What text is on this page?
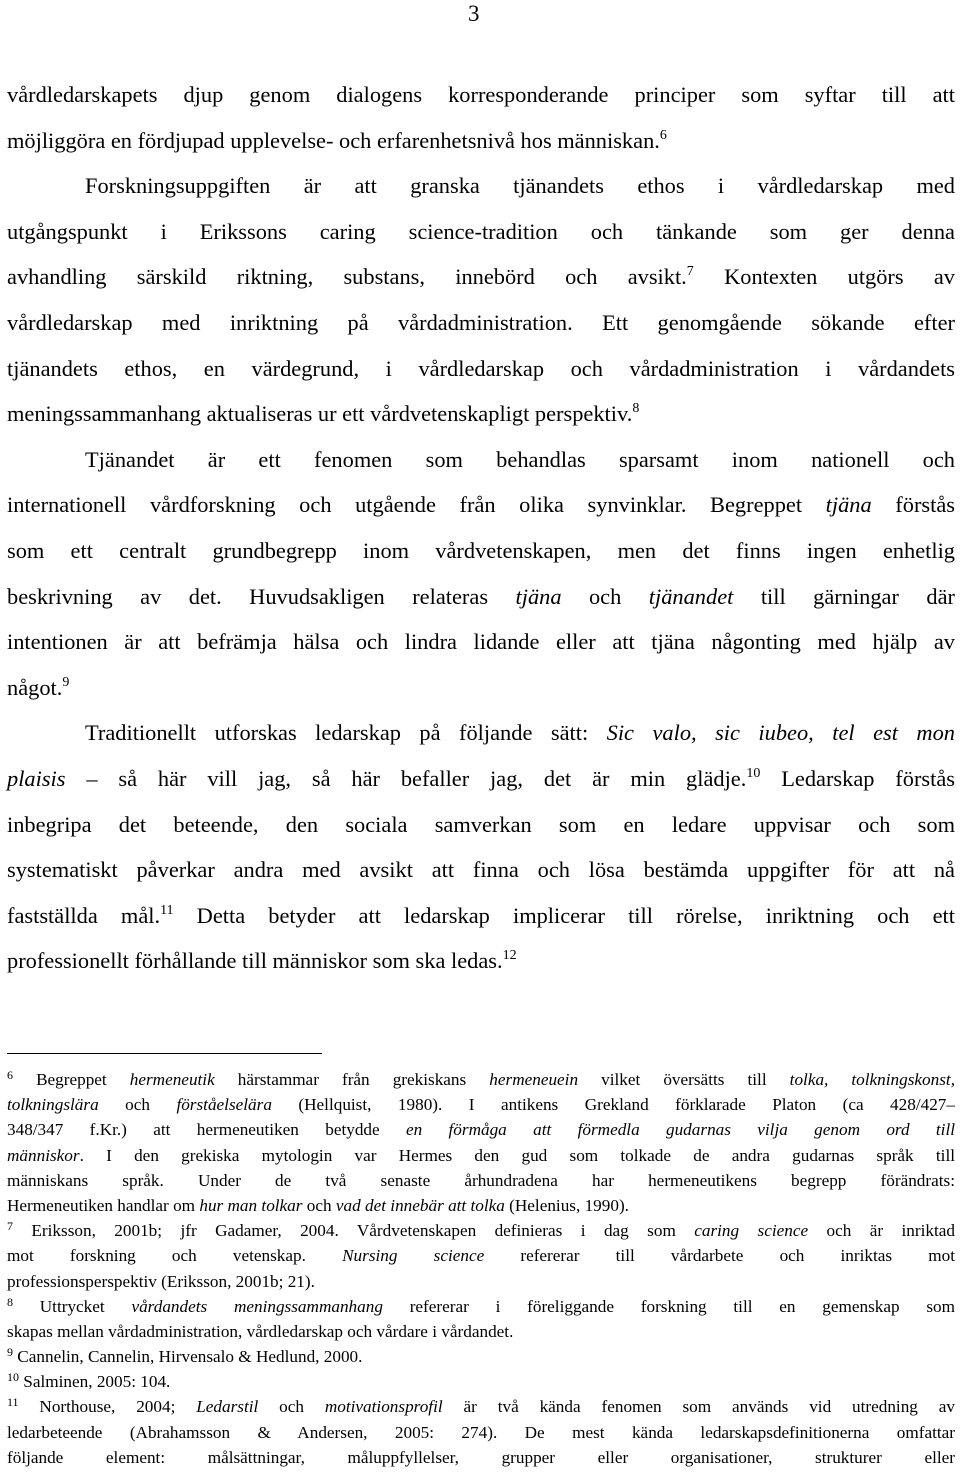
3
vårdledarskapets djup genom dialogens korresponderande principer som syftar till att
möjliggöra en fördjupad upplevelse- och erfarenhetsnivå hos människan.$^6$
Forskningsuppgiften är att granska tjänandets ethos i vårdledarskap med
utgångspunkt i Erikssons caring science-tradition och tänkande som ger denna
avhandling särskild riktning, substans, innebörd och avsikt.$^7$ Kontexten utgörs av
vårdledarskap med inriktning på vårdadministration. Ett genomgående sökande efter
tjänandets ethos, en värdegrund, i vårdledarskap och vårdadministration i vårdandets
meningssammanhang aktualiseras ur ett vårdvetenskapligt perspektiv.$^8$
Tjänandet är ett fenomen som behandlas sparsamt inom nationell och
internationell vårdforskning och utgående från olika synvinklar. Begreppet tjäna förstås
som ett centralt grundbegrepp inom vårdvetenskapen, men det finns ingen enhetlig
beskrivning av det. Huvudsakligen relateras tjäna och tjänandet till gärningar där
intentionen är att befrämja hälsa och lindra lidande eller att tjäna någonting med hjälp av
något.$^9$
Traditionellt utforskas ledarskap på följande sätt: Sic valo, sic iubeo, tel est mon
plaisis – så här vill jag, så här befaller jag, det är min glädje.$^{10}$ Ledarskap förstås
inbegripa det beteende, den sociala samverkan som en ledare uppvisar och som
systematiskt påverkar andra med avsikt att finna och lösa bestämda uppgifter för att nå
fastställda mål.$^{11}$ Detta betyder att ledarskap implicerar till rörelse, inriktning och ett
professionellt förhållande till människor som ska ledas.$^{12}$
$^6$ Begreppet hermeneutik härstammar från grekiskans hermeneuein vilket översätts till tolka, tolkningskonst,
tolkningslära och förståelselära (Hellquist, 1980). I antikens Grekland förklarade Platon (ca 428/427–
348/347 f.Kr.) att hermeneutiken betydde en förmåga att förmedla gudarnas vilja genom ord till
människor. I den grekiska mytologin var Hermes den gud som tolkade de andra gudarnas språk till
människans språk. Under de två senaste århundradena har hermeneutikens begrepp förändrats:
Hermeneutiken handlar om hur man tolkar och vad det innebär att tolka (Helenius, 1990).
$^7$ Eriksson, 2001b; jfr Gadamer, 2004. Vårdvetenskapen definieras i dag som caring science och är inriktad
mot forskning och vetenskap. Nursing science refererar till vårdarbete och inriktas mot
professionsperspektiv (Eriksson, 2001b; 21).
$^8$ Uttrycket vårdandets meningssammanhang refererar i föreliggande forskning till en gemenskap som
skapas mellan vårdadministration, vårdledarskap och vårdare i vårdandet.
$^9$ Cannelin, Cannelin, Hirvensalo & Hedlund, 2000.
$^{10}$ Salminen, 2005: 104.
$^{11}$ Northouse, 2004; Ledarstil och motivationsprofil är två kända fenomen som används vid utredning av
ledarbeteende (Abrahamsson & Andersen, 2005: 274). De mest kända ledarskapsdefinitionerna omfattar
följande element: målsättningar, måluppfyllelser, grupper eller organisationer, strukturer eller
